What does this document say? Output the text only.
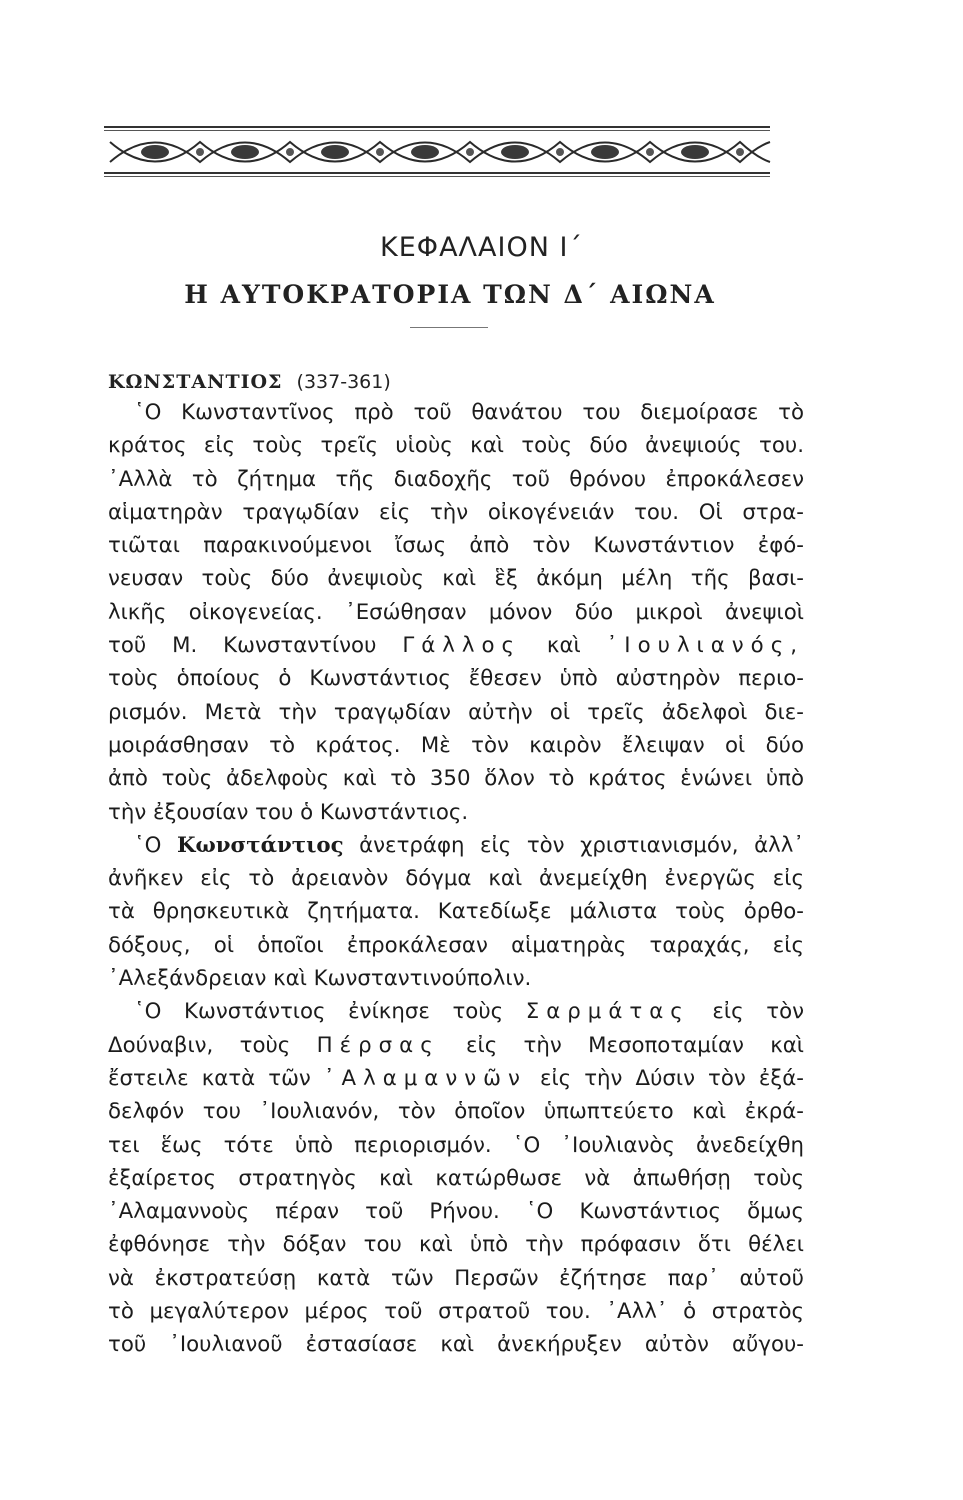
ΚΕΦΑΛΑΙΟΝ Ι΄
Η ΑΥΤΟΚΡΑΤΟΡΙΑ ΤΩΝ Δ΄ ΑΙΩΝΑ
ΚΩΝΣΤΑΝΤΙΟΣ (337-361)
῾Ο Κωνσταντῖνος πρὸ τοῦ θανάτου του διεμοίρασε τὸ
κράτος εἰς τοὺς τρεῖς υἱοὺς καὶ τοὺς δύο ἀνεψιούς του.
᾿Αλλὰ τὸ ζήτημα τῆς διαδοχῆς τοῦ θρόνου ἐπροκάλεσεν
αἱματηρὰν τραγῳδίαν εἰς τὴν οἰκογένειάν του. Οἱ στρα-
τιῶται παρακινούμενοι ἴσως ἀπὸ τὸν Κωνστάντιον ἐφό-
νευσαν τοὺς δύο ἀνεψιοὺς καὶ ἓξ ἀκόμη μέλη τῆς βασι-
λικῆς οἰκογενείας. ᾿Εσώθησαν μόνον δύο μικροὶ ἀνεψιοὶ
τοῦ Μ. Κωνσταντίνου Γάλλος καὶ ᾿Ιουλιανός,
τοὺς ὁποίους ὁ Κωνστάντιος ἔθεσεν ὑπὸ αὐστηρὸν περιο-
ρισμόν. Μετὰ τὴν τραγῳδίαν αὐτὴν οἱ τρεῖς ἀδελφοὶ διε-
μοιράσθησαν τὸ κράτος. Μὲ τὸν καιρὸν ἔλειψαν οἱ δύο
ἀπὸ τοὺς ἀδελφοὺς καὶ τὸ 350 ὅλον τὸ κράτος ἑνώνει ὑπὸ
τὴν ἐξουσίαν του ὁ Κωνστάντιος.
῾Ο Κωνστάντιος ἀνετράφη εἰς τὸν χριστιανισμόν, ἀλλ᾿
ἀνῆκεν εἰς τὸ ἀρειανὸν δόγμα καὶ ἀνεμείχθη ἐνεργῶς εἰς
τὰ θρησκευτικὰ ζητήματα. Κατεδίωξε μάλιστα τοὺς ὀρθο-
δόξους, οἱ ὁποῖοι ἐπροκάλεσαν αἱματηρὰς ταραχάς, εἰς
᾿Αλεξάνδρειαν καὶ Κωνσταντινούπολιν.
῾Ο Κωνστάντιος ἐνίκησε τοὺς Σαρμάτας εἰς τὸν
Δούναβιν, τοὺς Πέρσας εἰς τὴν Μεσοποταμίαν καὶ
ἔστειλε κατὰ τῶν ᾿Αλαμαννῶν εἰς τὴν Δύσιν τὸν ἐξά-
δελφόν του ᾿Ιουλιανόν, τὸν ὁποῖον ὑπωπτεύετο καὶ ἐκρά-
τει ἕως τότε ὑπὸ περιορισμόν. ῾Ο ᾿Ιουλιανὸς ἀνεδείχθη
ἐξαίρετος στρατηγὸς καὶ κατώρθωσε νὰ ἀπωθήσῃ τοὺς
᾿Αλαμαννοὺς πέραν τοῦ Ρήνου. ῾Ο Κωνστάντιος ὅμως
ἐφθόνησε τὴν δόξαν του καὶ ὑπὸ τὴν πρόφασιν ὅτι θέλει
νὰ ἐκστρατεύσῃ κατὰ τῶν Περσῶν ἐζήτησε παρ᾿ αὐτοῦ
τὸ μεγαλύτερον μέρος τοῦ στρατοῦ του. ᾿Αλλ᾿ ὁ στρατὸς
τοῦ ᾿Ιουλιανοῦ ἐστασίασε καὶ ἀνεκήρυξεν αὐτὸν αὔγου-
